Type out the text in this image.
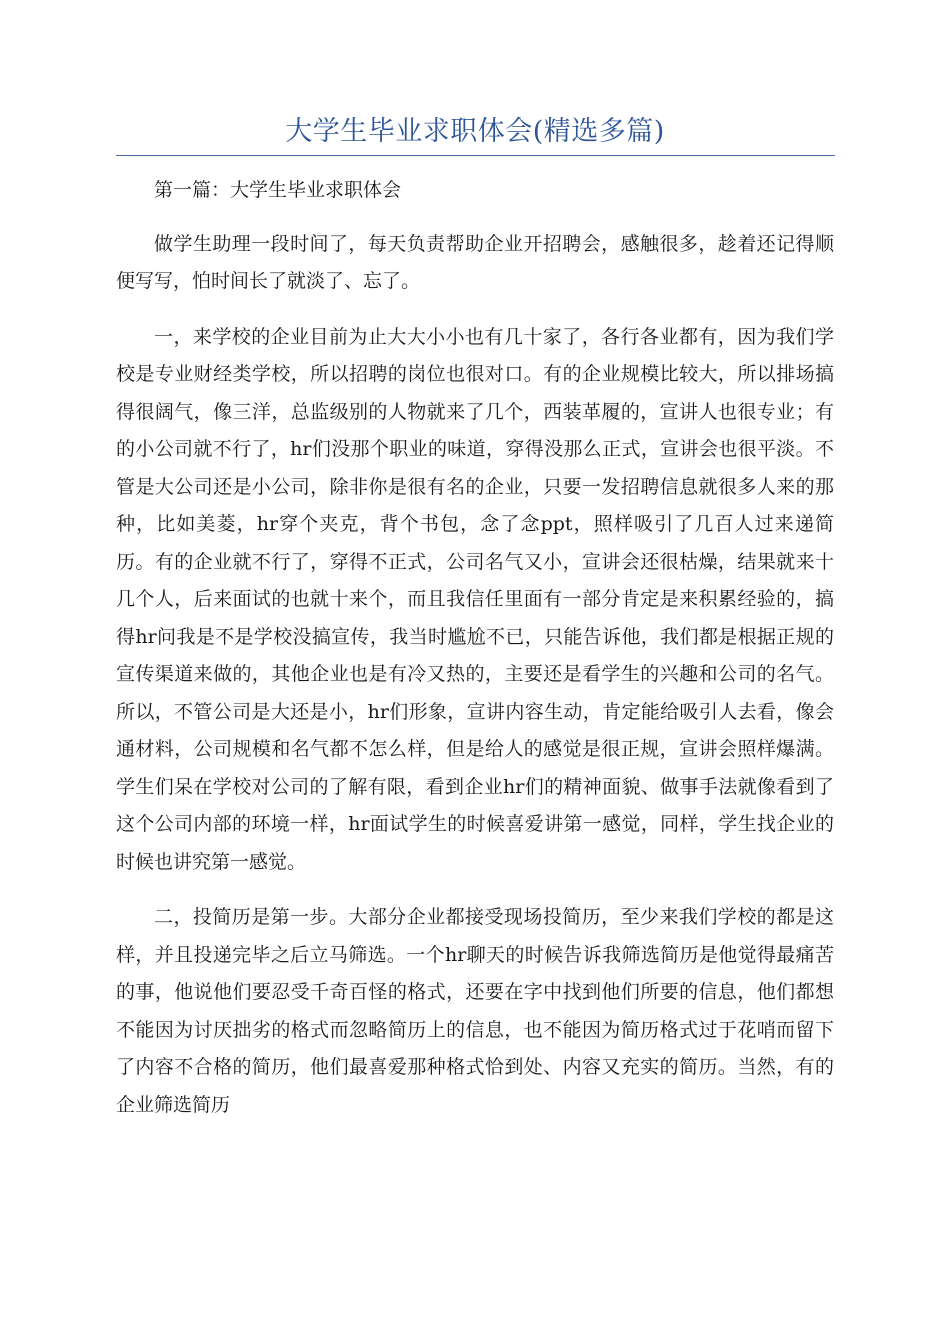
大学生毕业求职体会(精选多篇)

第一篇：大学生毕业求职体会

做学生助理一段时间了，每天负责帮助企业开招聘会，感触很多，趁着还记得顺便写写，怕时间长了就淡了、忘了。

一，来学校的企业目前为止大大小小也有几十家了，各行各业都有，因为我们学校是专业财经类学校，所以招聘的岗位也很对口。有的企业规模比较大，所以排场搞得很阔气，像三洋，总监级别的人物就来了几个，西装革履的，宣讲人也很专业；有的小公司就不行了，hr们没那个职业的味道，穿得没那么正式，宣讲会也很平淡。不管是大公司还是小公司，除非你是很有名的企业，只要一发招聘信息就很多人来的那种，比如美菱，hr穿个夹克，背个书包，念了念ppt，照样吸引了几百人过来递简历。有的企业就不行了，穿得不正式，公司名气又小，宣讲会还很枯燥，结果就来十几个人，后来面试的也就十来个，而且我信任里面有一部分肯定是来积累经验的，搞得hr问我是不是学校没搞宣传，我当时尴尬不已，只能告诉他，我们都是根据正规的宣传渠道来做的，其他企业也是有冷又热的，主要还是看学生的兴趣和公司的名气。所以，不管公司是大还是小，hr们形象，宣讲内容生动，肯定能给吸引人去看，像会通材料，公司规模和名气都不怎么样，但是给人的感觉是很正规，宣讲会照样爆满。学生们呆在学校对公司的了解有限，看到企业hr们的精神面貌、做事手法就像看到了这个公司内部的环境一样，hr面试学生的时候喜爱讲第一感觉，同样，学生找企业的时候也讲究第一感觉。

二，投简历是第一步。大部分企业都接受现场投简历，至少来我们学校的都是这样，并且投递完毕之后立马筛选。一个hr聊天的时候告诉我筛选简历是他觉得最痛苦的事，他说他们要忍受千奇百怪的格式，还要在字中找到他们所要的信息，他们都想不能因为讨厌拙劣的格式而忽略简历上的信息，也不能因为简历格式过于花哨而留下了内容不合格的简历，他们最喜爱那种格式恰到处、内容又充实的简历。当然，有的企业筛选简历
